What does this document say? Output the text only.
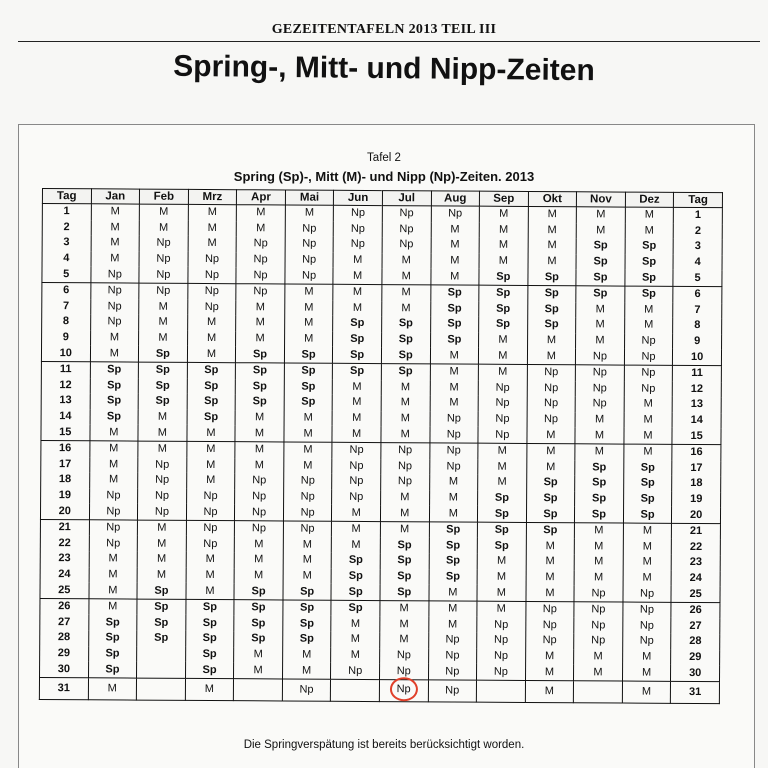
GEZEITENTAFELN 2013 TEIL III
Spring-, Mitt- und Nipp-Zeiten
Tafel 2
Spring (Sp)-, Mitt (M)- und Nipp (Np)-Zeiten. 2013
Tag	Jan	Feb	Mrz	Apr	Mai	Jun	Jul	Aug	Sep	Okt	Nov	Dez	Tag
1	M	M	M	M	M	Np	Np	Np	M	M	M	M	1
2	M	M	M	M	Np	Np	Np	M	M	M	M	M	2
3	M	Np	M	Np	Np	Np	Np	M	M	M	Sp	Sp	3
4	M	Np	Np	Np	Np	M	M	M	M	M	Sp	Sp	4
5	Np	Np	Np	Np	Np	M	M	M	Sp	Sp	Sp	Sp	5
6	Np	Np	Np	Np	M	M	M	Sp	Sp	Sp	Sp	Sp	6
7	Np	M	Np	M	M	M	M	Sp	Sp	Sp	M	M	7
8	Np	M	M	M	M	Sp	Sp	Sp	Sp	Sp	M	M	8
9	M	M	M	M	M	Sp	Sp	Sp	M	M	M	Np	9
10	M	Sp	M	Sp	Sp	Sp	Sp	M	M	M	Np	Np	10
11	Sp	Sp	Sp	Sp	Sp	Sp	Sp	M	M	Np	Np	Np	11
12	Sp	Sp	Sp	Sp	Sp	M	M	M	Np	Np	Np	Np	12
13	Sp	Sp	Sp	Sp	Sp	M	M	M	Np	Np	Np	M	13
14	Sp	M	Sp	M	M	M	M	Np	Np	Np	M	M	14
15	M	M	M	M	M	M	M	Np	Np	M	M	M	15
16	M	M	M	M	M	Np	Np	Np	M	M	M	M	16
17	M	Np	M	M	M	Np	Np	Np	M	M	Sp	Sp	17
18	M	Np	M	Np	Np	Np	Np	M	M	Sp	Sp	Sp	18
19	Np	Np	Np	Np	Np	Np	M	M	Sp	Sp	Sp	Sp	19
20	Np	Np	Np	Np	Np	M	M	M	Sp	Sp	Sp	Sp	20
21	Np	M	Np	Np	Np	M	M	Sp	Sp	Sp	M	M	21
22	Np	M	Np	M	M	M	Sp	Sp	Sp	M	M	M	22
23	M	M	M	M	M	Sp	Sp	Sp	M	M	M	M	23
24	M	M	M	M	M	Sp	Sp	Sp	M	M	M	M	24
25	M	Sp	M	Sp	Sp	Sp	Sp	M	M	M	Np	Np	25
26	M	Sp	Sp	Sp	Sp	Sp	M	M	M	Np	Np	Np	26
27	Sp	Sp	Sp	Sp	Sp	M	M	M	Np	Np	Np	Np	27
28	Sp	Sp	Sp	Sp	Sp	M	M	Np	Np	Np	Np	Np	28
29	Sp		Sp	M	M	M	Np	Np	Np	M	M	M	29
30	Sp		Sp	M	M	Np	Np	Np	Np	M	M	M	30
31	M		M		Np		Np	Np		M		M	31
Die Springverspätung ist bereits berücksichtigt worden.
